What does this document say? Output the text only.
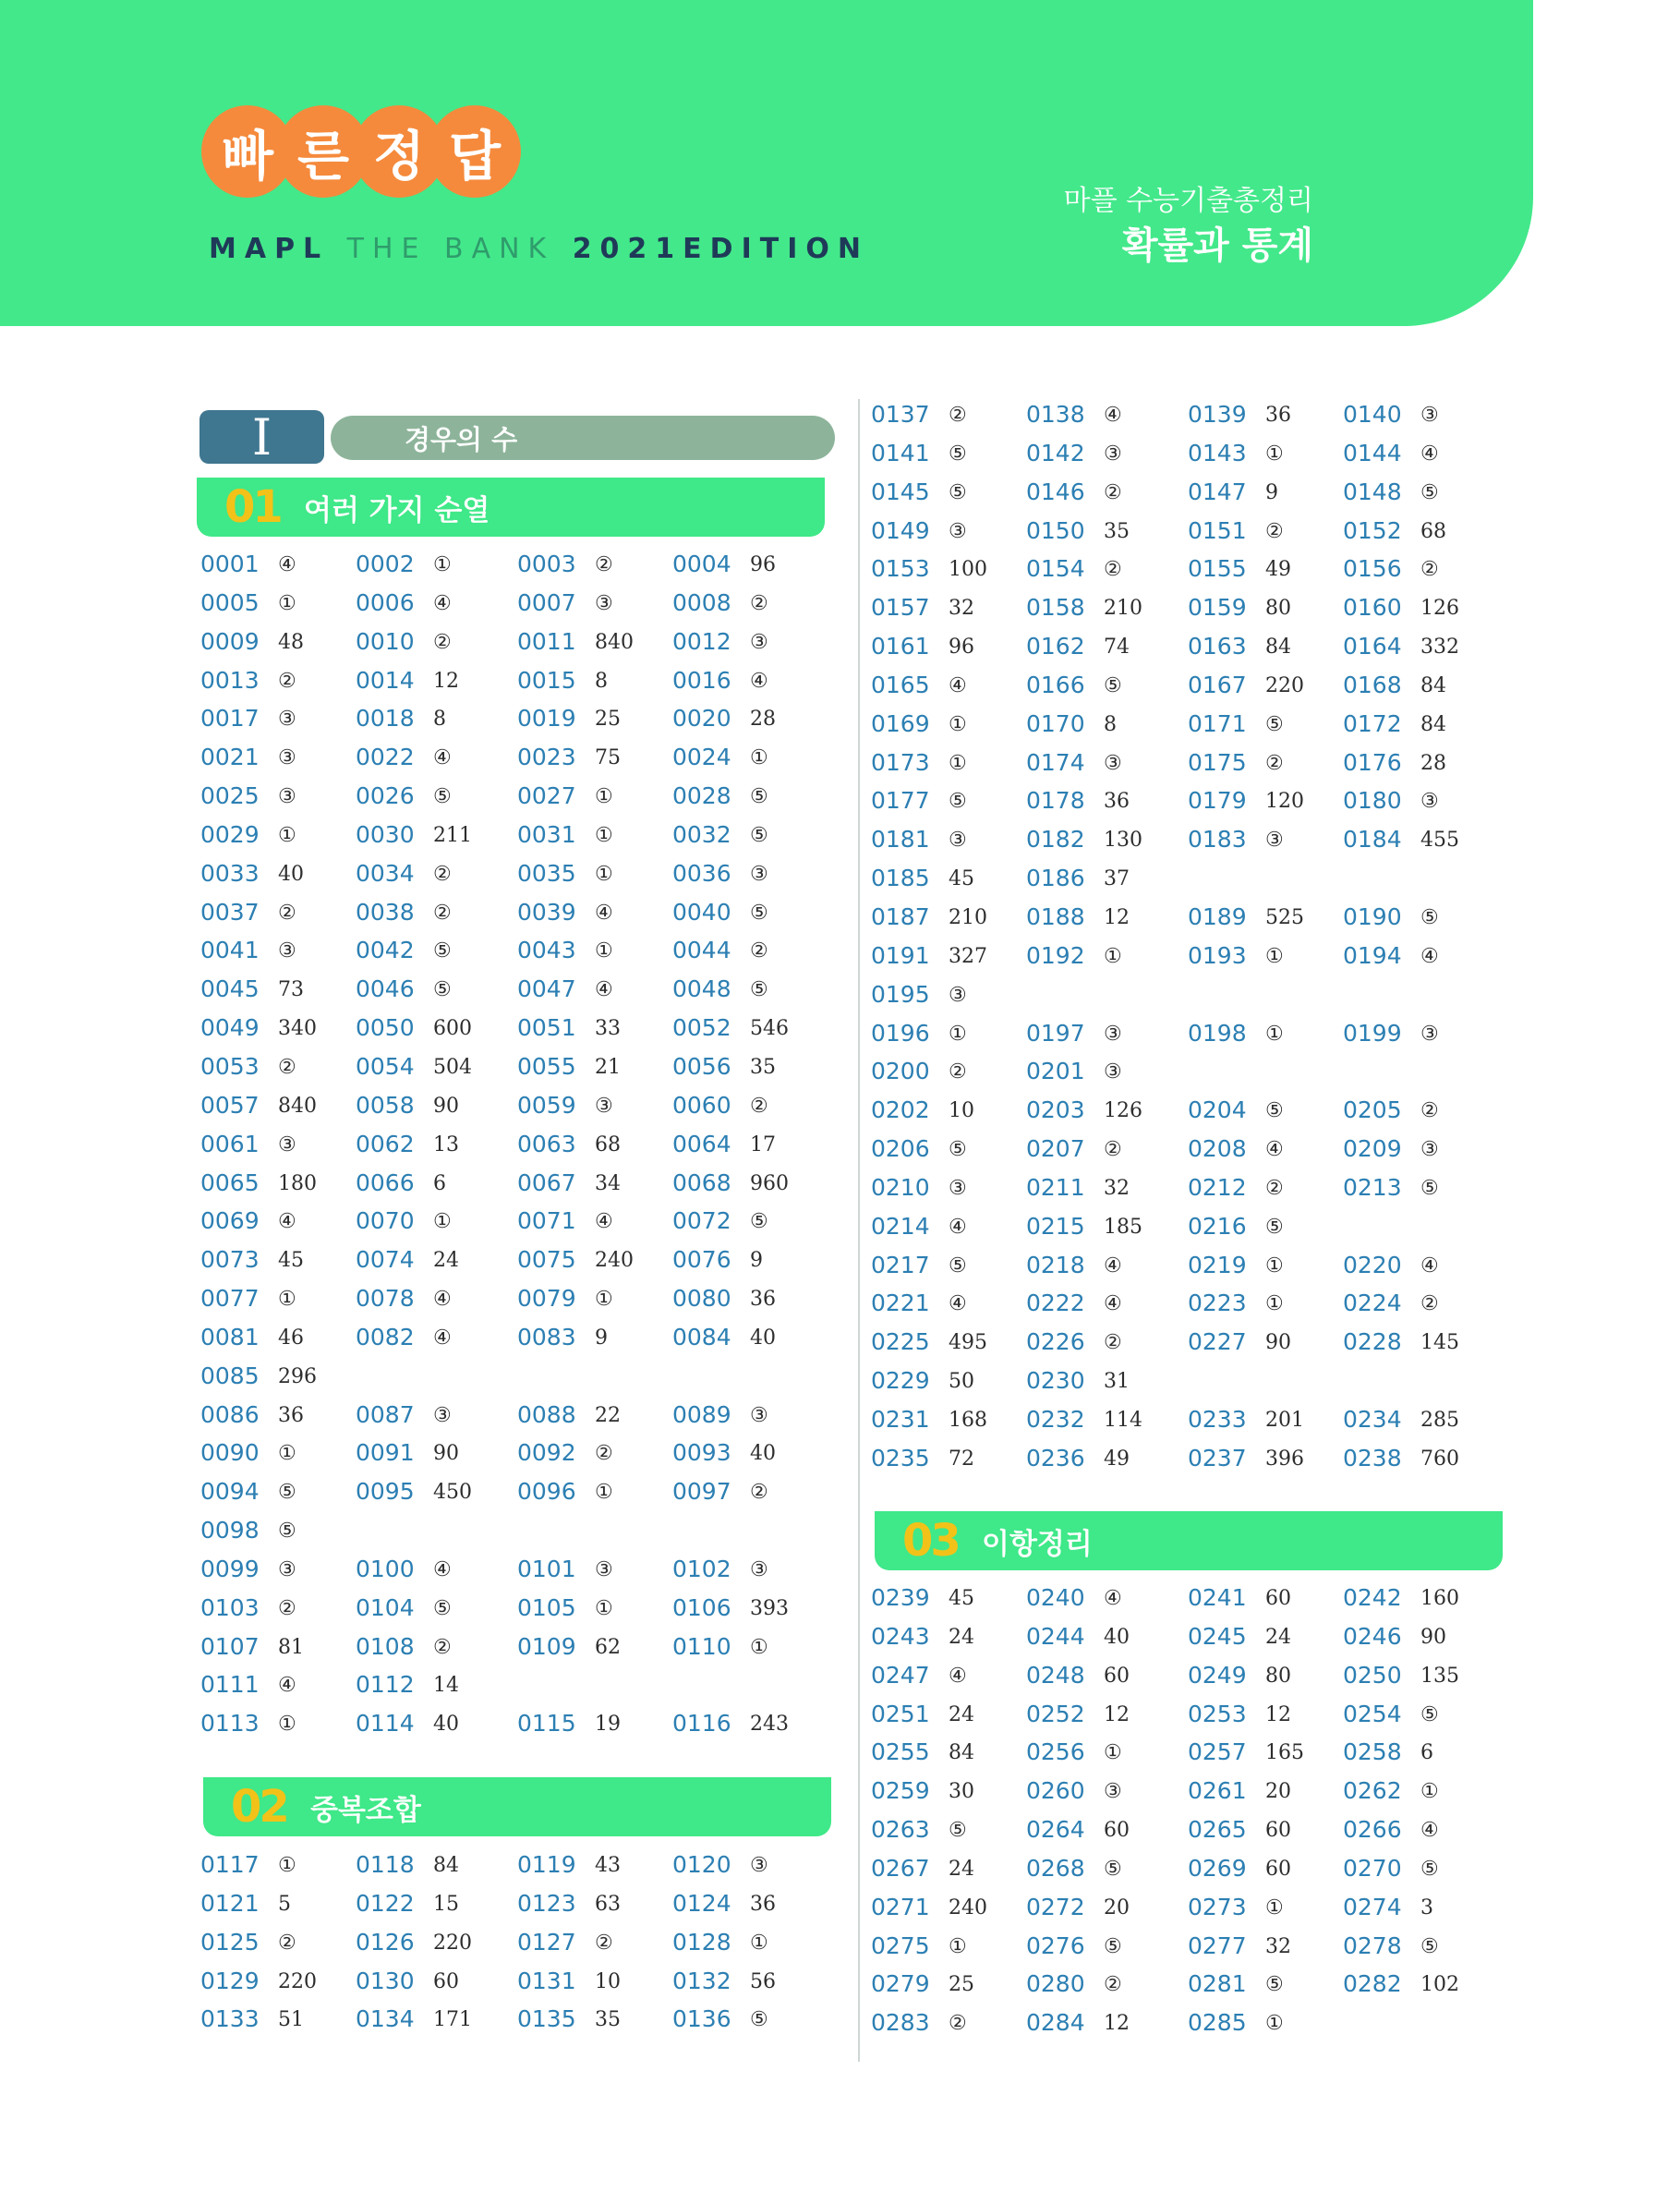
빠 른 정 답
MAPL THE BANK 2021EDITION
마플 수능기출총정리
확률과 통계
I	경우의 수
01 여러 가지 순열
02 중복조합
03 이항정리
0001 ④	0002 ①	0003 ②	0004 96
0005 ①	0006 ④	0007 ③	0008 ②
0009 48 0010 ②	0011 840 0012 ③
0013 ②	0014 12	0015 8	0016 ④
0017 ③	0018 8	0019 25 0020 28
0021 ③	0022 ④	0023 75 0024 ①
0025 ③	0026 ⑤	0027 ①	0028 ⑤
0029 ①	0030 211 0031 ①	0032 ⑤
0033 40 0034 ②	0035 ①	0036 ③
0037 ②	0038 ②	0039 ④	0040 ⑤
0041 ③	0042 ⑤	0043 ①	0044 ②
0045 73 0046 ⑤	0047 ④	0048 ⑤
0049 340 0050 600 0051 33 0052 546
0053 ②	0054 504 0055 21 0056 35
0057 840 0058 90	0059 ③	0060 ②
0061 ③	0062 13	0063 68 0064 17
0065 180 0066 6	0067 34 0068 960
0069 ④	0070 ①	0071 ④	0072 ⑤
0073 45 0074 24	0075 240 0076 9
0077 ①	0078 ④	0079 ①	0080 36
0081 46 0082 ④	0083 9	0084 40
0085 296
0086 36 0087 ③	0088 22 0089 ③
0090 ①	0091 90	0092 ②	0093 40
0094 ⑤	0095 450 0096 ①	0097 ②
0098 ⑤
0099 ③	0100 ④	0101 ③	0102 ③
0103 ②	0104 ⑤	0105 ①	0106 393
0107 81 0108 ②	0109 62 0110 ①
0111 ④	0112 14
0113 ①	0114 40	0115 19 0116 243
0117 ①	0118 84	0119 43 0120 ③
0121 5	0122 15	0123 63 0124 36
0125 ②	0126 220 0127 ②	0128 ①
0129 220 0130 60	0131 10 0132 56
0133 51 0134 171 0135 35 0136 ⑤
0137 ②	0138 ④	0139 36 0140 ③
0141 ⑤	0142 ③	0143 ①	0144 ④
0145 ⑤	0146 ②	0147 9	0148 ⑤
0149 ③	0150 35	0151 ②	0152 68
0153 100 0154 ②	0155 49 0156 ②
0157 32 0158 210 0159 80 0160 126
0161 96 0162 74	0163 84 0164 332
0165 ④	0166 ⑤	0167 220 0168 84
0169 ①	0170 8	0171 ⑤	0172 84
0173 ①	0174 ③	0175 ②	0176 28
0177 ⑤	0178 36	0179 120 0180 ③
0181 ③	0182 130 0183 ③	0184 455
0185 45 0186 37
0187 210 0188 12	0189 525 0190 ⑤
0191 327 0192 ①	0193 ①	0194 ④
0195 ③
0196 ①	0197 ③	0198 ①	0199 ③
0200 ②	0201 ③
0202 10 0203 126 0204 ⑤	0205 ②
0206 ⑤	0207 ②	0208 ④	0209 ③
0210 ③	0211 32	0212 ②	0213 ⑤
0214 ④	0215 185 0216 ⑤
0217 ⑤	0218 ④	0219 ①	0220 ④
0221 ④	0222 ④	0223 ①	0224 ②
0225 495 0226 ②	0227 90 0228 145
0229 50 0230 31
0231 168 0232 114 0233 201 0234 285
0235 72 0236 49	0237 396 0238 760
0239 45 0240 ④	0241 60 0242 160
0243 24 0244 40	0245 24 0246 90
0247 ④	0248 60	0249 80 0250 135
0251 24 0252 12	0253 12 0254 ⑤
0255 84 0256 ①	0257 165 0258 6
0259 30 0260 ③	0261 20 0262 ①
0263 ⑤	0264 60	0265 60 0266 ④
0267 24 0268 ⑤	0269 60 0270 ⑤
0271 240 0272 20	0273 ①	0274 3
0275 ①	0276 ⑤	0277 32 0278 ⑤
0279 25 0280 ②	0281 ⑤	0282 102
0283 ②	0284 12	0285 ①
